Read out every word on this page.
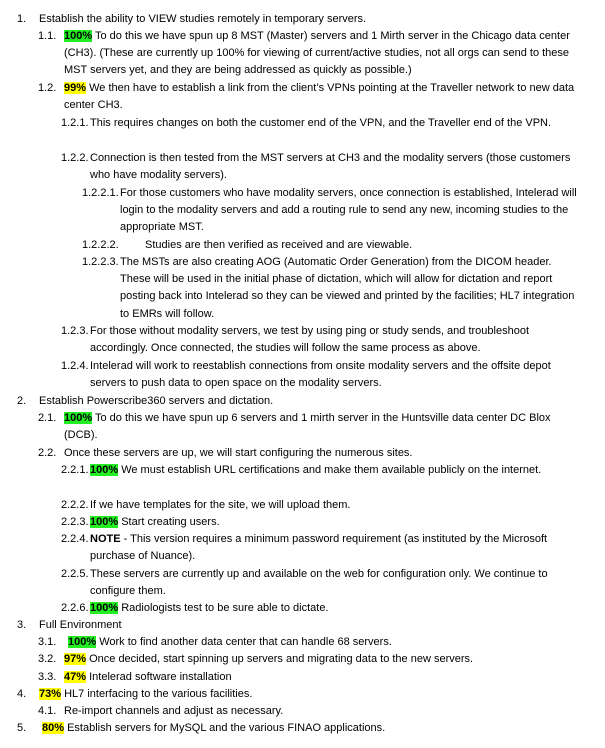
1. Establish the ability to VIEW studies remotely in temporary servers.
1.1. 100% To do this we have spun up 8 MST (Master) servers and 1 Mirth server in the Chicago data center (CH3). (These are currently up 100% for viewing of current/active studies, not all orgs can send to these MST servers yet, and they are being addressed as quickly as possible.)
1.2. 99% We then have to establish a link from the client’s VPNs pointing at the Traveller network to new data center CH3.
1.2.1. This requires changes on both the customer end of the VPN, and the Traveller end of the VPN.
1.2.2. Connection is then tested from the MST servers at CH3 and the modality servers (those customers who have modality servers).
1.2.2.1. For those customers who have modality servers, once connection is established, Intelerad will login to the modality servers and add a routing rule to send any new, incoming studies to the appropriate MST.
1.2.2.2. Studies are then verified as received and are viewable.
1.2.2.3. The MSTs are also creating AOG (Automatic Order Generation) from the DICOM header. These will be used in the initial phase of dictation, which will allow for dictation and report posting back into Intelerad so they can be viewed and printed by the facilities; HL7 integration to EMRs will follow.
1.2.3. For those without modality servers, we test by using ping or study sends, and troubleshoot accordingly. Once connected, the studies will follow the same process as above.
1.2.4. Intelerad will work to reestablish connections from onsite modality servers and the offsite depot servers to push data to open space on the modality servers.
2. Establish Powerscribe360 servers and dictation.
2.1. 100% To do this we have spun up 6 servers and 1 mirth server in the Huntsville data center DC Blox (DCB).
2.2. Once these servers are up, we will start configuring the numerous sites.
2.2.1. 100% We must establish URL certifications and make them available publicly on the internet.
2.2.2. If we have templates for the site, we will upload them.
2.2.3. 100% Start creating users.
2.2.4. NOTE - This version requires a minimum password requirement (as instituted by the Microsoft purchase of Nuance).
2.2.5. These servers are currently up and available on the web for configuration only. We continue to configure them.
2.2.6. 100% Radiologists test to be sure able to dictate.
3. Full Environment
3.1. 100% Work to find another data center that can handle 68 servers.
3.2. 97% Once decided, start spinning up servers and migrating data to the new servers.
3.3. 47% Intelerad software installation
4. 73% HL7 interfacing to the various facilities.
4.1. Re-import channels and adjust as necessary.
5. 80% Establish servers for MySQL and the various FINAO applications.
